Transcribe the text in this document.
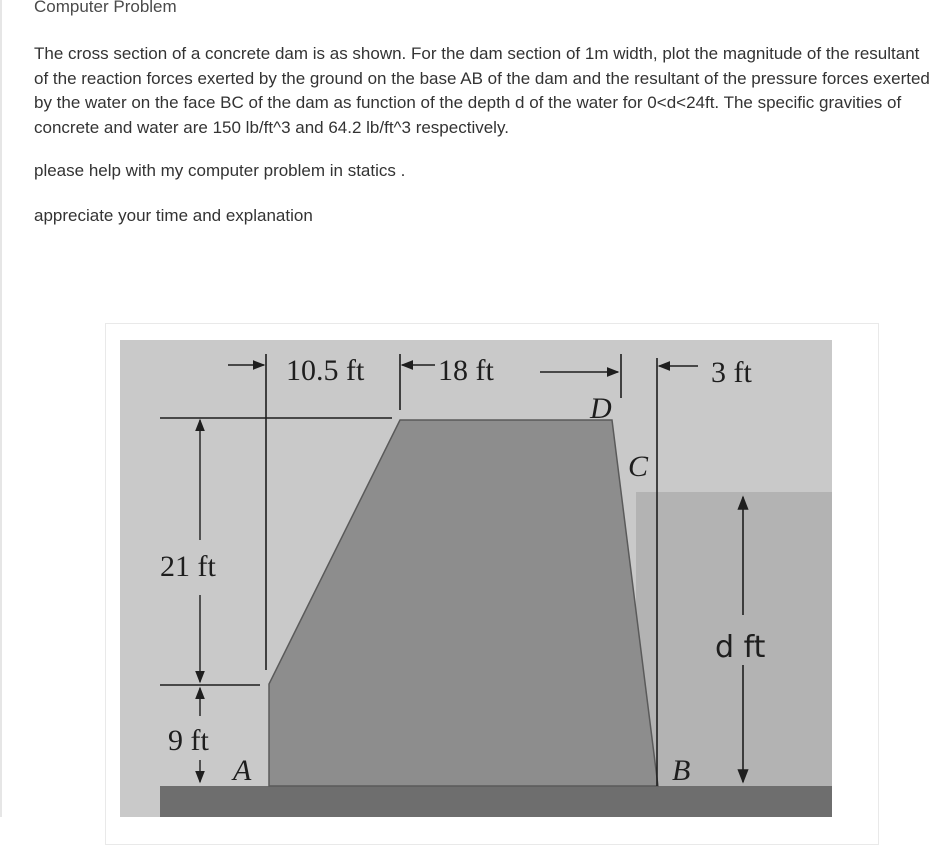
Computer Problem
The cross section of a concrete dam is as shown. For the dam section of 1m width, plot the magnitude of the resultant of the reaction forces exerted by the ground on the base AB of the dam and the resultant of the pressure forces exerted by the water on the face BC of the dam as function of the depth d of the water for 0<d<24ft. The specific gravities of concrete and water are 150 lb/ft^3 and 64.2 lb/ft^3 respectively.
please help with my computer problem in statics .
appreciate your time and explanation
10.5 ft 18 ft	3 ft
D
C
21 ft
9 ft
A	B
d ft
